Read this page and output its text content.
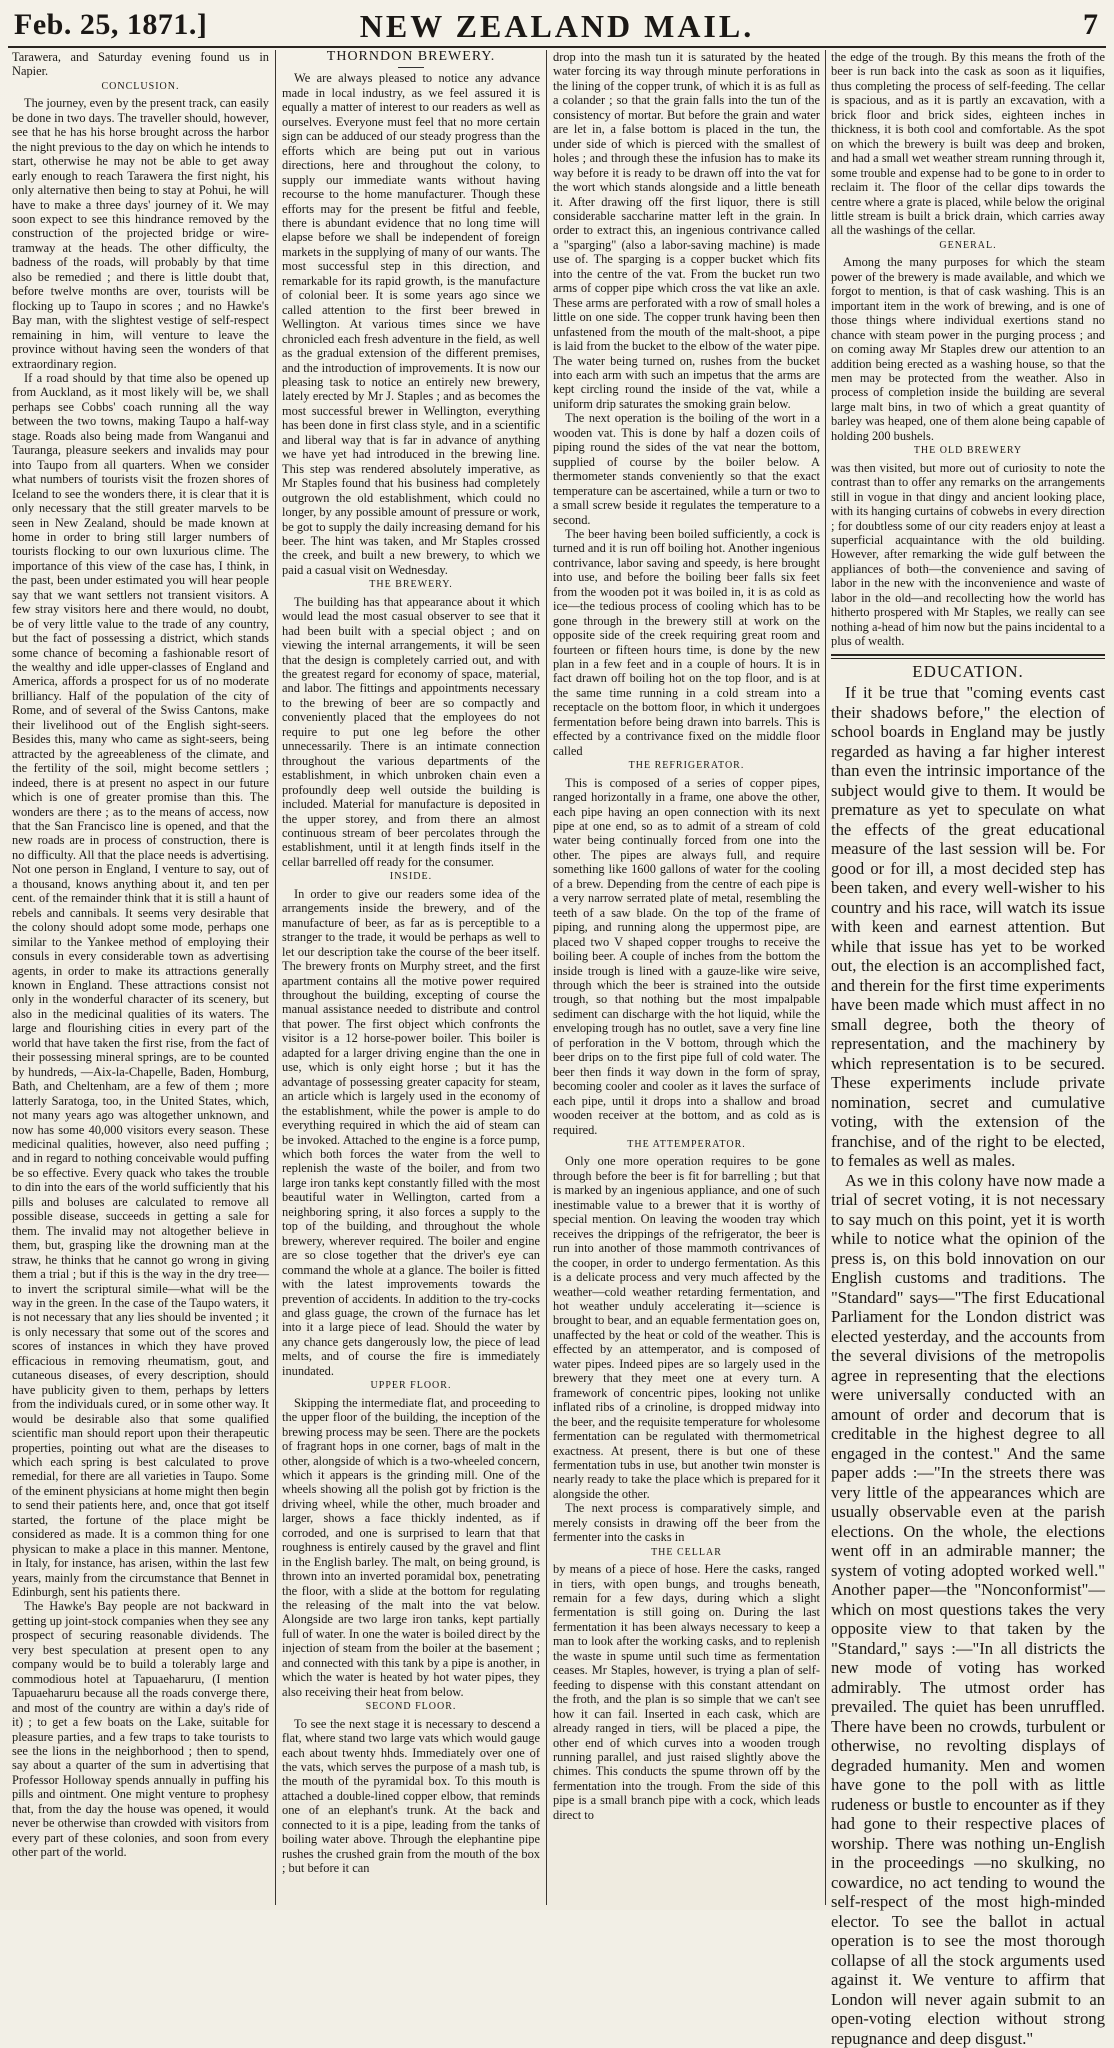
Feb. 25, 1871.]	NEW ZEALAND MAIL.	7

Tarawera, and Saturday evening found us in Napier.

CONCLUSION.

The journey, even by the present track, can easily be done in two days. The traveller should, however, see that he has his horse brought across the harbor the night previous to the day on which he intends to start, otherwise he may not be able to get away early enough to reach Tarawera the first night, his only alternative then being to stay at Pohui, he will have to make a three days' journey of it. We may soon expect to see this hindrance removed by the construction of the projected bridge or wire-tramway at the heads. The other difficulty, the badness of the roads, will probably by that time also be remedied ; and there is little doubt that, before twelve months are over, tourists will be flocking up to Taupo in scores ; and no Hawke's Bay man, with the slightest vestige of self-respect remaining in him, will venture to leave the province without having seen the wonders of that extraordinary region.

If a road should by that time also be opened up from Auckland, as it most likely will be, we shall perhaps see Cobbs' coach running all the way between the two towns, making Taupo a half-way stage. Roads also being made from Wanganui and Tauranga, pleasure seekers and invalids may pour into Taupo from all quarters. When we consider what numbers of tourists visit the frozen shores of Iceland to see the wonders there, it is clear that it is only necessary that the still greater marvels to be seen in New Zealand, should be made known at home in order to bring still larger numbers of tourists flocking to our own luxurious clime. The importance of this view of the case has, I think, in the past, been under estimated you will hear people say that we want settlers not transient visitors. A few stray visitors here and there would, no doubt, be of very little value to the trade of any country, but the fact of possessing a district, which stands some chance of becoming a fashionable resort of the wealthy and idle upper-classes of England and America, affords a prospect for us of no moderate brilliancy. Half of the population of the city of Rome, and of several of the Swiss Cantons, make their livelihood out of the English sight-seers. Besides this, many who came as sight-seers, being attracted by the agreeableness of the climate, and the fertility of the soil, might become settlers ; indeed, there is at present no aspect in our future which is one of greater promise than this. The wonders are there ; as to the means of access, now that the San Francisco line is opened, and that the new roads are in process of construction, there is no difficulty. All that the place needs is advertising. Not one person in England, I venture to say, out of a thousand, knows anything about it, and ten per cent. of the remainder think that it is still a haunt of rebels and cannibals. It seems very desirable that the colony should adopt some mode, perhaps one similar to the Yankee method of employing their consuls in every considerable town as advertising agents, in order to make its attractions generally known in England. These attractions consist not only in the wonderful character of its scenery, but also in the medicinal qualities of its waters. The large and flourishing cities in every part of the world that have taken the first rise, from the fact of their possessing mineral springs, are to be counted by hundreds, —Aix-la-Chapelle, Baden, Homburg, Bath, and Cheltenham, are a few of them ; more latterly Saratoga, too, in the United States, which, not many years ago was altogether unknown, and now has some 40,000 visitors every season. These medicinal qualities, however, also need puffing ; and in regard to nothing conceivable would puffing be so effective. Every quack who takes the trouble to din into the ears of the world sufficiently that his pills and boluses are calculated to remove all possible disease, succeeds in getting a sale for them. The invalid may not altogether believe in them, but, grasping like the drowning man at the straw, he thinks that he cannot go wrong in giving them a trial ; but if this is the way in the dry tree—to invert the scriptural simile—what will be the way in the green. In the case of the Taupo waters, it is not necessary that any lies should be invented ; it is only necessary that some out of the scores and scores of instances in which they have proved efficacious in removing rheumatism, gout, and cutaneous diseases, of every description, should have publicity given to them, perhaps by letters from the individuals cured, or in some other way. It would be desirable also that some qualified scientific man should report upon their therapeutic properties, pointing out what are the diseases to which each spring is best calculated to prove remedial, for there are all varieties in Taupo. Some of the eminent physicians at home might then begin to send their patients here, and, once that got itself started, the fortune of the place might be considered as made. It is a common thing for one physican to make a place in this manner. Mentone, in Italy, for instance, has arisen, within the last few years, mainly from the circumstance that Bennet in Edinburgh, sent his patients there.

The Hawke's Bay people are not backward in getting up joint-stock companies when they see any prospect of securing reasonable dividends. The very best speculation at present open to any company would be to build a tolerably large and commodious hotel at Tapuaeharuru, (I mention Tapuaeharuru because all the roads converge there, and most of the country are within a day's ride of it) ; to get a few boats on the Lake, suitable for pleasure parties, and a few traps to take tourists to see the lions in the neighborhood ; then to spend, say about a quarter of the sum in advertising that Professor Holloway spends annually in puffing his pills and ointment. One might venture to prophesy that, from the day the house was opened, it would never be otherwise than crowded with visitors from every part of these colonies, and soon from every other part of the world.

THORNDON BREWERY.

We are always pleased to notice any advance made in local industry, as we feel assured it is equally a matter of interest to our readers as well as ourselves. Everyone must feel that no more certain sign can be adduced of our steady progress than the efforts which are being put out in various directions, here and throughout the colony, to supply our immediate wants without having recourse to the home manufacturer. Though these efforts may for the present be fitful and feeble, there is abundant evidence that no long time will elapse before we shall be independent of foreign markets in the supplying of many of our wants. The most successful step in this direction, and remarkable for its rapid growth, is the manufacture of colonial beer. It is some years ago since we called attention to the first beer brewed in Wellington. At various times since we have chronicled each fresh adventure in the field, as well as the gradual extension of the different premises, and the introduction of improvements. It is now our pleasing task to notice an entirely new brewery, lately erected by Mr J. Staples ; and as becomes the most successful brewer in Wellington, everything has been done in first class style, and in a scientific and liberal way that is far in advance of anything we have yet had introduced in the brewing line. This step was rendered absolutely imperative, as Mr Staples found that his business had completely outgrown the old establishment, which could no longer, by any possible amount of pressure or work, be got to supply the daily increasing demand for his beer. The hint was taken, and Mr Staples crossed the creek, and built a new brewery, to which we paid a casual visit on Wednesday.

THE BREWERY.

The building has that appearance about it which would lead the most casual observer to see that it had been built with a special object ; and on viewing the internal arrangements, it will be seen that the design is completely carried out, and with the greatest regard for economy of space, material, and labor. The fittings and appointments necessary to the brewing of beer are so compactly and conveniently placed that the employees do not require to put one leg before the other unnecessarily. There is an intimate connection throughout the various departments of the establishment, in which unbroken chain even a profoundly deep well outside the building is included. Material for manufacture is deposited in the upper storey, and from there an almost continuous stream of beer percolates through the establishment, until it at length finds itself in the cellar barrelled off ready for the consumer.

INSIDE.

In order to give our readers some idea of the arrangements inside the brewery, and of the manufacture of beer, as far as is perceptible to a stranger to the trade, it would be perhaps as well to let our description take the course of the beer itself. The brewery fronts on Murphy street, and the first apartment contains all the motive power required throughout the building, excepting of course the manual assistance needed to distribute and control that power. The first object which confronts the visitor is a 12 horse-power boiler. This boiler is adapted for a larger driving engine than the one in use, which is only eight horse ; but it has the advantage of possessing greater capacity for steam, an article which is largely used in the economy of the establishment, while the power is ample to do everything required in which the aid of steam can be invoked. Attached to the engine is a force pump, which both forces the water from the well to replenish the waste of the boiler, and from two large iron tanks kept constantly filled with the most beautiful water in Wellington, carted from a neighboring spring, it also forces a supply to the top of the building, and throughout the whole brewery, wherever required. The boiler and engine are so close together that the driver's eye can command the whole at a glance. The boiler is fitted with the latest improvements towards the prevention of accidents. In addition to the try-cocks and glass guage, the crown of the furnace has let into it a large piece of lead. Should the water by any chance gets dangerously low, the piece of lead melts, and of course the fire is immediately inundated.

UPPER FLOOR.

Skipping the intermediate flat, and proceeding to the upper floor of the building, the inception of the brewing process may be seen. There are the pockets of fragrant hops in one corner, bags of malt in the other, alongside of which is a two-wheeled concern, which it appears is the grinding mill. One of the wheels showing all the polish got by friction is the driving wheel, while the other, much broader and larger, shows a face thickly indented, as if corroded, and one is surprised to learn that that roughness is entirely caused by the gravel and flint in the English barley. The malt, on being ground, is thrown into an inverted poramidal box, penetrating the floor, with a slide at the bottom for regulating the releasing of the malt into the vat below. Alongside are two large iron tanks, kept partially full of water. In one the water is boiled direct by the injection of steam from the boiler at the basement ; and connected with this tank by a pipe is another, in which the water is heated by hot water pipes, they also receiving their heat from below.

SECOND FLOOR.

To see the next stage it is necessary to descend a flat, where stand two large vats which would gauge each about twenty hhds. Immediately over one of the vats, which serves the purpose of a mash tub, is the mouth of the pyramidal box. To this mouth is attached a double-lined copper elbow, that reminds one of an elephant's trunk. At the back and connected to it is a pipe, leading from the tanks of boiling water above. Through the elephantine pipe rushes the crushed grain from the mouth of the box ; but before it can

drop into the mash tun it is saturated by the heated water forcing its way through minute perforations in the lining of the copper trunk, of which it is as full as a colander ; so that the grain falls into the tun of the consistency of mortar. But before the grain and water are let in, a false bottom is placed in the tun, the under side of which is pierced with the smallest of holes ; and through these the infusion has to make its way before it is ready to be drawn off into the vat for the wort which stands alongside and a little beneath it. After drawing off the first liquor, there is still considerable saccharine matter left in the grain. In order to extract this, an ingenious contrivance called a "sparging" (also a labor-saving machine) is made use of. The sparging is a copper bucket which fits into the centre of the vat. From the bucket run two arms of copper pipe which cross the vat like an axle. These arms are perforated with a row of small holes a little on one side. The copper trunk having been then unfastened from the mouth of the malt-shoot, a pipe is laid from the bucket to the elbow of the water pipe. The water being turned on, rushes from the bucket into each arm with such an impetus that the arms are kept circling round the inside of the vat, while a uniform drip saturates the smoking grain below.

The next operation is the boiling of the wort in a wooden vat. This is done by half a dozen coils of piping round the sides of the vat near the bottom, supplied of course by the boiler below. A thermometer stands conveniently so that the exact temperature can be ascertained, while a turn or two to a small screw beside it regulates the temperature to a second.

The beer having been boiled sufficiently, a cock is turned and it is run off boiling hot. Another ingenious contrivance, labor saving and speedy, is here brought into use, and before the boiling beer falls six feet from the wooden pot it was boiled in, it is as cold as ice—the tedious process of cooling which has to be gone through in the brewery still at work on the opposite side of the creek requiring great room and fourteen or fifteen hours time, is done by the new plan in a few feet and in a couple of hours. It is in fact drawn off boiling hot on the top floor, and is at the same time running in a cold stream into a receptacle on the bottom floor, in which it undergoes fermentation before being drawn into barrels. This is effected by a contrivance fixed on the middle floor called

THE REFRIGERATOR.

This is composed of a series of copper pipes, ranged horizontally in a frame, one above the other, each pipe having an open connection with its next pipe at one end, so as to admit of a stream of cold water being continually forced from one into the other. The pipes are always full, and require something like 1600 gallons of water for the cooling of a brew. Depending from the centre of each pipe is a very narrow serrated plate of metal, resembling the teeth of a saw blade. On the top of the frame of piping, and running along the uppermost pipe, are placed two V shaped copper troughs to receive the boiling beer. A couple of inches from the bottom the inside trough is lined with a gauze-like wire seive, through which the beer is strained into the outside trough, so that nothing but the most impalpable sediment can discharge with the hot liquid, while the enveloping trough has no outlet, save a very fine line of perforation in the V bottom, through which the beer drips on to the first pipe full of cold water. The beer then finds it way down in the form of spray, becoming cooler and cooler as it laves the surface of each pipe, until it drops into a shallow and broad wooden receiver at the bottom, and as cold as is required.

THE ATTEMPERATOR.

Only one more operation requires to be gone through before the beer is fit for barrelling ; but that is marked by an ingenious appliance, and one of such inestimable value to a brewer that it is worthy of special mention. On leaving the wooden tray which receives the drippings of the refrigerator, the beer is run into another of those mammoth contrivances of the cooper, in order to undergo fermentation. As this is a delicate process and very much affected by the weather—cold weather retarding fermentation, and hot weather unduly accelerating it—science is brought to bear, and an equable fermentation goes on, unaffected by the heat or cold of the weather. This is effected by an attemperator, and is composed of water pipes. Indeed pipes are so largely used in the brewery that they meet one at every turn. A framework of concentric pipes, looking not unlike inflated ribs of a crinoline, is dropped midway into the beer, and the requisite temperature for wholesome fermentation can be regulated with thermometrical exactness. At present, there is but one of these fermentation tubs in use, but another twin monster is nearly ready to take the place which is prepared for it alongside the other.

The next process is comparatively simple, and merely consists in drawing off the beer from the fermenter into the casks in

THE CELLAR

by means of a piece of hose. Here the casks, ranged in tiers, with open bungs, and troughs beneath, remain for a few days, during which a slight fermentation is still going on. During the last fermentation it has been always necessary to keep a man to look after the working casks, and to replenish the waste in spume until such time as fermentation ceases. Mr Staples, however, is trying a plan of self-feeding to dispense with this constant attendant on the froth, and the plan is so simple that we can't see how it can fail. Inserted in each cask, which are already ranged in tiers, will be placed a pipe, the other end of which curves into a wooden trough running parallel, and just raised slightly above the chimes. This conducts the spume thrown off by the fermentation into the trough. From the side of this pipe is a small branch pipe with a cock, which leads direct to

the edge of the trough. By this means the froth of the beer is run back into the cask as soon as it liquifies, thus completing the process of self-feeding. The cellar is spacious, and as it is partly an excavation, with a brick floor and brick sides, eighteen inches in thickness, it is both cool and comfortable. As the spot on which the brewery is built was deep and broken, and had a small wet weather stream running through it, some trouble and expense had to be gone to in order to reclaim it. The floor of the cellar dips towards the centre where a grate is placed, while below the original little stream is built a brick drain, which carries away all the washings of the cellar.

GENERAL.

Among the many purposes for which the steam power of the brewery is made available, and which we forgot to mention, is that of cask washing. This is an important item in the work of brewing, and is one of those things where individual exertions stand no chance with steam power in the purging process ; and on coming away Mr Staples drew our attention to an addition being erected as a washing house, so that the men may be protected from the weather. Also in process of completion inside the building are several large malt bins, in two of which a great quantity of barley was heaped, one of them alone being capable of holding 200 bushels.

THE OLD BREWERY

was then visited, but more out of curiosity to note the contrast than to offer any remarks on the arrangements still in vogue in that dingy and ancient looking place, with its hanging curtains of cobwebs in every direction ; for doubtless some of our city readers enjoy at least a superficial acquaintance with the old building. However, after remarking the wide gulf between the appliances of both—the convenience and saving of labor in the new with the inconvenience and waste of labor in the old—and recollecting how the world has hitherto prospered with Mr Staples, we really can see nothing a-head of him now but the pains incidental to a plus of wealth.

EDUCATION.

If it be true that "coming events cast their shadows before," the election of school boards in England may be justly regarded as having a far higher interest than even the intrinsic importance of the subject would give to them. It would be premature as yet to speculate on what the effects of the great educational measure of the last session will be. For good or for ill, a most decided step has been taken, and every well-wisher to his country and his race, will watch its issue with keen and earnest attention. But while that issue has yet to be worked out, the election is an accomplished fact, and therein for the first time experiments have been made which must affect in no small degree, both the theory of representation, and the machinery by which representation is to be secured. These experiments include private nomination, secret and cumulative voting, with the extension of the franchise, and of the right to be elected, to females as well as males.

As we in this colony have now made a trial of secret voting, it is not necessary to say much on this point, yet it is worth while to notice what the opinion of the press is, on this bold innovation on our English customs and traditions. The "Standard" says—"The first Educational Parliament for the London district was elected yesterday, and the accounts from the several divisions of the metropolis agree in representing that the elections were universally conducted with an amount of order and decorum that is creditable in the highest degree to all engaged in the contest." And the same paper adds :—"In the streets there was very little of the appearances which are usually observable even at the parish elections. On the whole, the elections went off in an admirable manner; the system of voting adopted worked well." Another paper—the "Nonconformist"—which on most questions takes the very opposite view to that taken by the "Standard," says :—"In all districts the new mode of voting has worked admirably. The utmost order has prevailed. The quiet has been unruffled. There have been no crowds, turbulent or otherwise, no revolting displays of degraded humanity. Men and women have gone to the poll with as little rudeness or bustle to encounter as if they had gone to their respective places of worship. There was nothing un-English in the proceedings —no skulking, no cowardice, no act tending to wound the self-respect of the most high-minded elector. To see the ballot in actual operation is to see the most thorough collapse of all the stock arguments used against it. We venture to affirm that London will never again submit to an open-voting election without strong repugnance and deep disgust."
